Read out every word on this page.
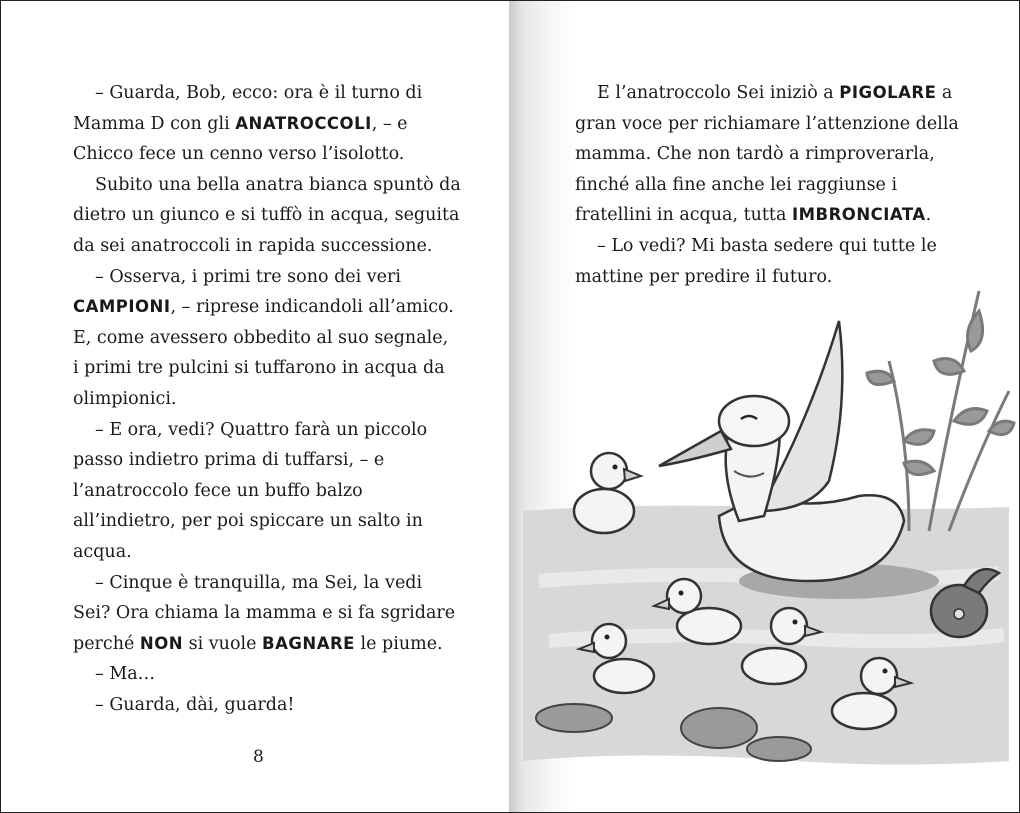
– Guarda, Bob, ecco: ora è il turno di

Mamma D con gli ANATROCCOLI, – e

Chicco fece un cenno verso l’isolotto.

Subito una bella anatra bianca spuntò da

dietro un giunco e si tuffò in acqua, seguita

da sei anatroccoli in rapida successione.

– Osserva, i primi tre sono dei veri

CAMPIONI, – riprese indicandoli all’amico.

E, come avessero obbedito al suo segnale,

i primi tre pulcini si tuffarono in acqua da

olimpionici.

– E ora, vedi? Quattro farà un piccolo

passo indietro prima di tuffarsi, – e

l’anatroccolo fece un buffo balzo

all’indietro, per poi spiccare un salto in

acqua.

– Cinque è tranquilla, ma Sei, la vedi

Sei? Ora chiama la mamma e si fa sgridare

perché NON si vuole BAGNARE le piume.

– Ma…

– Guarda, dài, guarda!

8

E l’anatroccolo Sei iniziò a PIGOLARE a

gran voce per richiamare l’attenzione della

mamma. Che non tardò a rimproverarla,

finché alla fine anche lei raggiunse i

fratellini in acqua, tutta IMBRONCIATA.

– Lo vedi? Mi basta sedere qui tutte le

mattine per predire il futuro.
